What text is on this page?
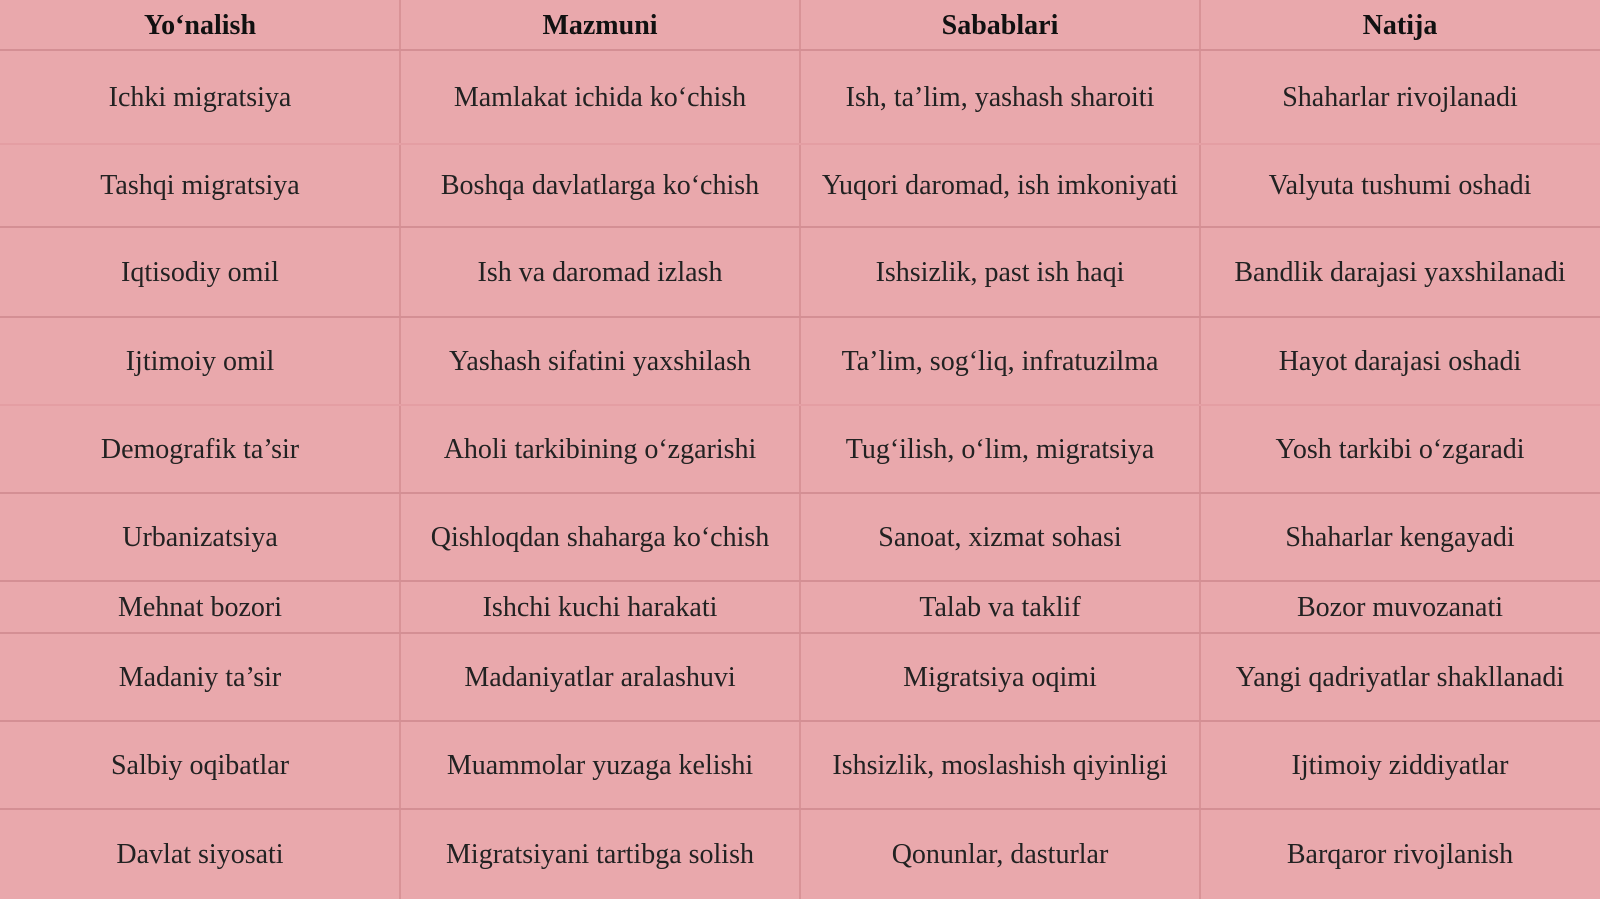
Yo‘nalish	Mazmuni	Sabablari	Natija
Ichki migratsiya	Mamlakat ichida ko‘chish	Ish, ta’lim, yashash sharoiti	Shaharlar rivojlanadi
Tashqi migratsiya	Boshqa davlatlarga ko‘chish	Yuqori daromad, ish imkoniyati	Valyuta tushumi oshadi
Iqtisodiy omil	Ish va daromad izlash	Ishsizlik, past ish haqi	Bandlik darajasi yaxshilanadi
Ijtimoiy omil	Yashash sifatini yaxshilash	Ta’lim, sog‘liq, infratuzilma	Hayot darajasi oshadi
Demografik ta’sir	Aholi tarkibining o‘zgarishi	Tug‘ilish, o‘lim, migratsiya	Yosh tarkibi o‘zgaradi
Urbanizatsiya	Qishloqdan shaharga ko‘chish	Sanoat, xizmat sohasi	Shaharlar kengayadi
Mehnat bozori	Ishchi kuchi harakati	Talab va taklif	Bozor muvozanati
Madaniy ta’sir	Madaniyatlar aralashuvi	Migratsiya oqimi	Yangi qadriyatlar shakllanadi
Salbiy oqibatlar	Muammolar yuzaga kelishi	Ishsizlik, moslashish qiyinligi	Ijtimoiy ziddiyatlar
Davlat siyosati	Migratsiyani tartibga solish	Qonunlar, dasturlar	Barqaror rivojlanish
